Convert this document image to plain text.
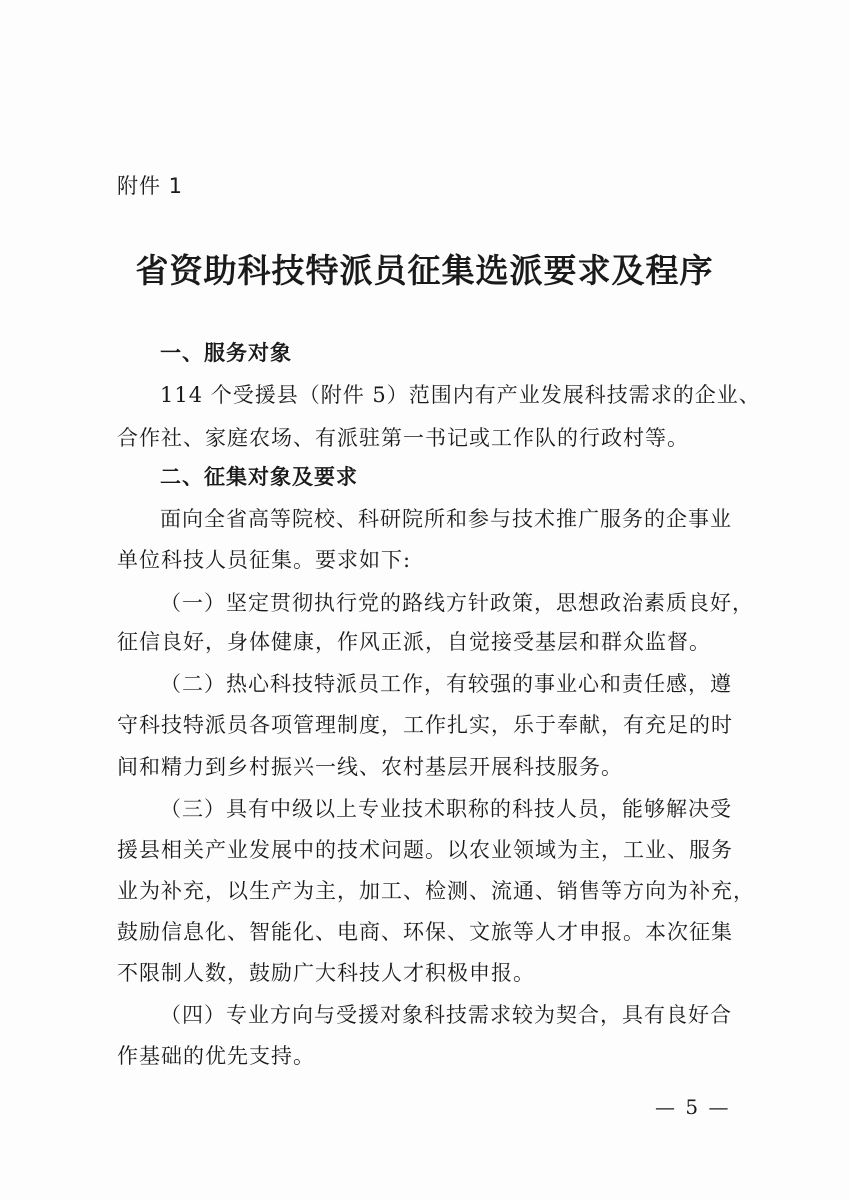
附件 1
省资助科技特派员征集选派要求及程序
一、服务对象
114 个受援县（附件 5）范围内有产业发展科技需求的企业、
合作社、家庭农场、有派驻第一书记或工作队的行政村等。
二、征集对象及要求
面向全省高等院校、科研院所和参与技术推广服务的企事业
单位科技人员征集。要求如下:
（一）坚定贯彻执行党的路线方针政策，思想政治素质良好，
征信良好，身体健康，作风正派，自觉接受基层和群众监督。
（二）热心科技特派员工作，有较强的事业心和责任感，遵
守科技特派员各项管理制度，工作扎实，乐于奉献，有充足的时
间和精力到乡村振兴一线、农村基层开展科技服务。
（三）具有中级以上专业技术职称的科技人员，能够解决受
援县相关产业发展中的技术问题。以农业领域为主，工业、服务
业为补充，以生产为主，加工、检测、流通、销售等方向为补充，
鼓励信息化、智能化、电商、环保、文旅等人才申报。本次征集
不限制人数，鼓励广大科技人才积极申报。
（四）专业方向与受援对象科技需求较为契合，具有良好合
作基础的优先支持。
— 5 —
